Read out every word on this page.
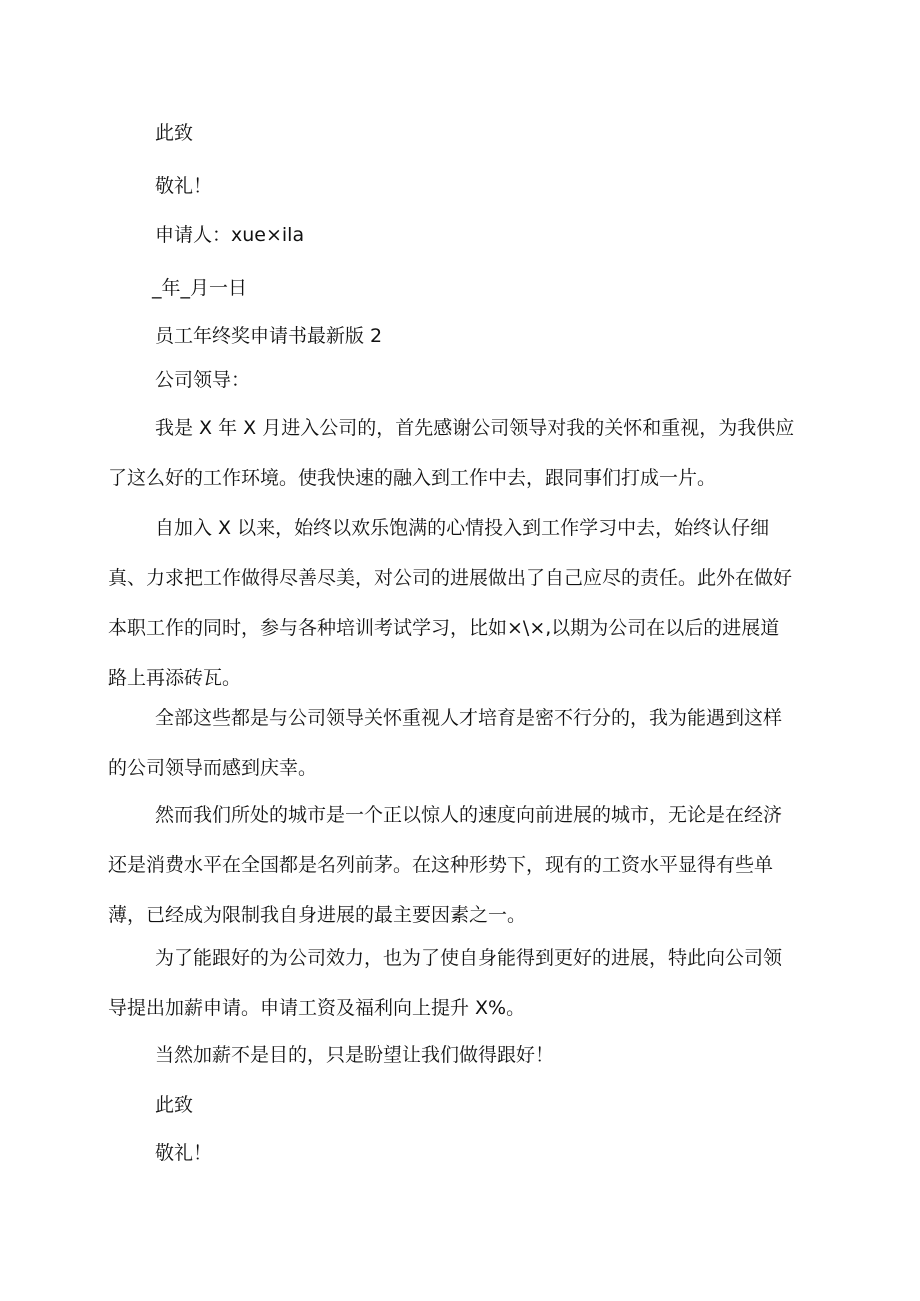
此致

敬礼！

申请人：xue×ila

_年_月一日

员工年终奖申请书最新版 2

公司领导：

我是 X 年 X 月进入公司的，首先感谢公司领导对我的关怀和重视，为我供应了这么好的工作环境。使我快速的融入到工作中去，跟同事们打成一片。

自加入 X 以来，始终以欢乐饱满的心情投入到工作学习中去，始终认仔细真、力求把工作做得尽善尽美，对公司的进展做出了自己应尽的责任。此外在做好本职工作的同时，参与各种培训考试学习，比如×\×,以期为公司在以后的进展道路上再添砖瓦。

全部这些都是与公司领导关怀重视人才培育是密不行分的，我为能遇到这样的公司领导而感到庆幸。

然而我们所处的城市是一个正以惊人的速度向前进展的城市，无论是在经济还是消费水平在全国都是名列前茅。在这种形势下，现有的工资水平显得有些单薄，已经成为限制我自身进展的最主要因素之一。

为了能跟好的为公司效力，也为了使自身能得到更好的进展，特此向公司领导提出加薪申请。申请工资及福利向上提升 X%。

当然加薪不是目的，只是盼望让我们做得跟好！

此致

敬礼！
